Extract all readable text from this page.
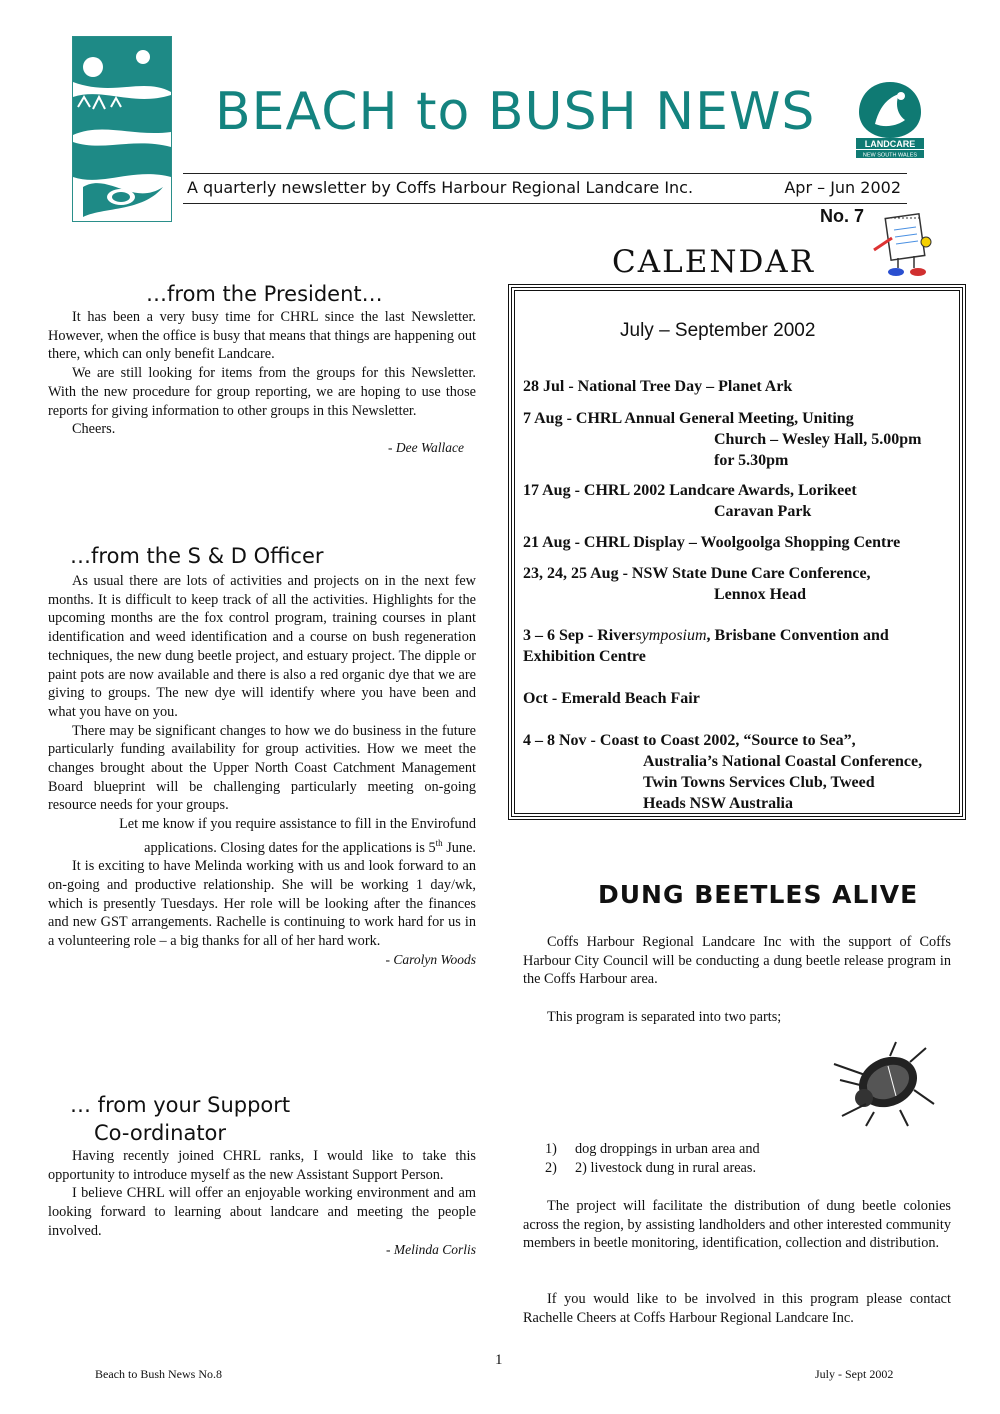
BEACH to BUSH NEWS
LANDCARE
NEW SOUTH WALES
A quarterly newsletter by Coffs Harbour Regional Landcare Inc.	Apr – Jun 2002
No. 7
…from the President…

It has been a very busy time for CHRL since the last Newsletter. However, when the office is busy that means that things are happening out there, which can only benefit Landcare.

We are still looking for items from the groups for this Newsletter. With the new procedure for group reporting, we are hoping to use those reports for giving information to other groups in this Newsletter.

Cheers.

- Dee Wallace
…from the S & D Officer

As usual there are lots of activities and projects on in the next few months. It is difficult to keep track of all the activities. Highlights for the upcoming months are the fox control program, training courses in plant identification and weed identification and a course on bush regeneration techniques, the new dung beetle project, and estuary project. The dipple or paint pots are now available and there is also a red organic dye that we are giving to groups. The new dye will identify where you have been and what you have on you.

There may be significant changes to how we do business in the future particularly funding availability for group activities. How we meet the changes brought about the Upper North Coast Catchment Management Board blueprint will be challenging particularly meeting on-going resource needs for your groups.

Let me know if you require assistance to fill in the Envirofund applications. Closing dates for the applications is 5th June.

It is exciting to have Melinda working with us and look forward to an on-going and productive relationship. She will be working 1 day/wk, which is presently Tuesdays. Her role will be looking after the finances and new GST arrangements. Rachelle is continuing to work hard for us in a volunteering role – a big thanks for all of her hard work.

- Carolyn Woods
… from your Support
Co-ordinator

Having recently joined CHRL ranks, I would like to take this opportunity to introduce myself as the new Assistant Support Person.

I believe CHRL will offer an enjoyable working environment and am looking forward to learning about landcare and meeting the people involved.

- Melinda Corlis
CALENDAR
July – September 2002
28 Jul - National Tree Day – Planet Ark
7 Aug - CHRL Annual General Meeting, Uniting
Church – Wesley Hall, 5.00pm
for 5.30pm
17 Aug - CHRL 2002 Landcare Awards, Lorikeet
Caravan Park
21 Aug - CHRL Display – Woolgoolga Shopping Centre
23, 24, 25 Aug - NSW State Dune Care Conference,
Lennox Head
3 – 6 Sep - Riversymposium, Brisbane Convention and
Exhibition Centre
Oct - Emerald Beach Fair
4 – 8 Nov - Coast to Coast 2002, “Source to Sea”,
Australia’s National Coastal Conference,
Twin Towns Services Club, Tweed
Heads NSW Australia
DUNG BEETLES ALIVE

Coffs Harbour Regional Landcare Inc with the support of Coffs Harbour City Council will be conducting a dung beetle release program in the Coffs Harbour area.

This program is separated into two parts;

1) dog droppings in urban area and
2) 2) livestock dung in rural areas.

The project will facilitate the distribution of dung beetle colonies across the region, by assisting landholders and other interested community members in beetle monitoring, identification, collection and distribution.

If you would like to be involved in this program please contact Rachelle Cheers at Coffs Harbour Regional Landcare Inc.

Beach to Bush News No.8
1
July - Sept 2002
